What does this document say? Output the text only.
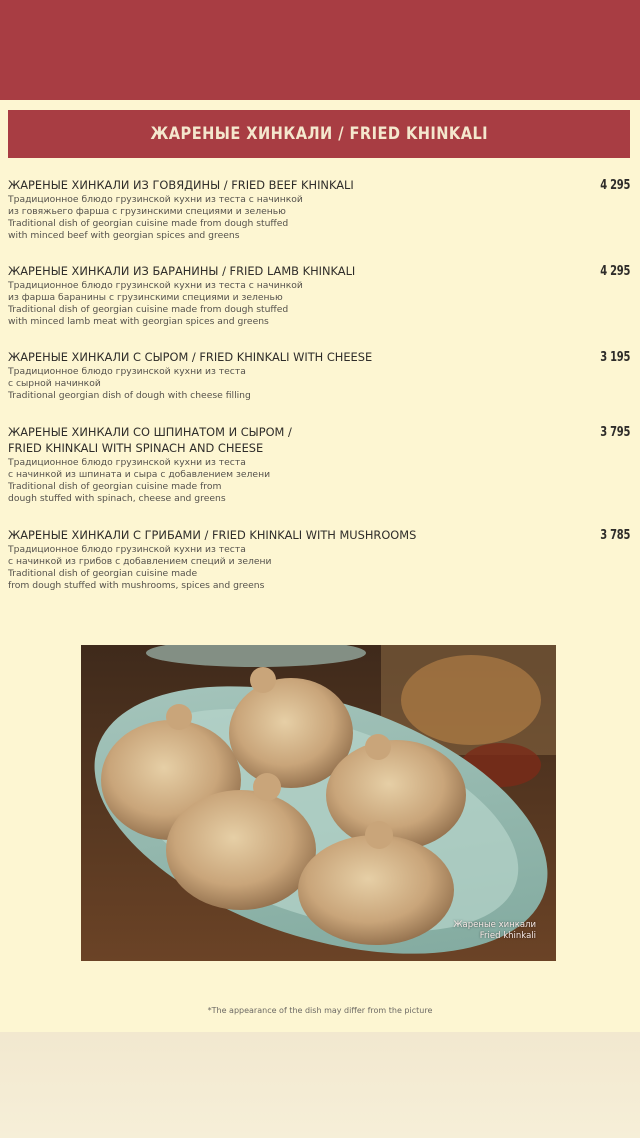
ЖАРЕНЫЕ ХИНКАЛИ / FRIED KHINKALI
ЖАРЕНЫЕ ХИНКАЛИ ИЗ ГОВЯДИНЫ / FRIED BEEF KHINKALI
Традиционное блюдо грузинской кухни из теста с начинкой
из говяжьего фарша с грузинскими специями и зеленью
Traditional dish of georgian cuisine made from dough stuffed
with minced beef with georgian spices and greens
4 295
ЖАРЕНЫЕ ХИНКАЛИ ИЗ БАРАНИНЫ / FRIED LAMB KHINKALI
Традиционное блюдо грузинской кухни из теста с начинкой
из фарша баранины с грузинскими специями и зеленью
Traditional dish of georgian cuisine made from dough stuffed
with minced lamb meat with georgian spices and greens
4 295
ЖАРЕНЫЕ ХИНКАЛИ С СЫРОМ / FRIED KHINKALI WITH CHEESE
Традиционное блюдо грузинской кухни из теста
с сырной начинкой
Traditional georgian dish of dough with cheese filling
3 195
ЖАРЕНЫЕ ХИНКАЛИ СО ШПИНАТОМ И СЫРОМ /
FRIED KHINKALI WITH SPINACH AND CHEESE
Традиционное блюдо грузинской кухни из теста
с начинкой из шпината и сыра с добавлением зелени
Traditional dish of georgian cuisine made from
dough stuffed with spinach, cheese and greens
3 795
ЖАРЕНЫЕ ХИНКАЛИ С ГРИБАМИ / FRIED KHINKALI WITH MUSHROOMS
Традиционное блюдо грузинской кухни из теста
с начинкой из грибов с добавлением специй и зелени
Traditional dish of georgian cuisine made
from dough stuffed with mushrooms, spices and greens
3 785
Жареные хинкали
Fried khinkali
*The appearance of the dish may differ from the picture
